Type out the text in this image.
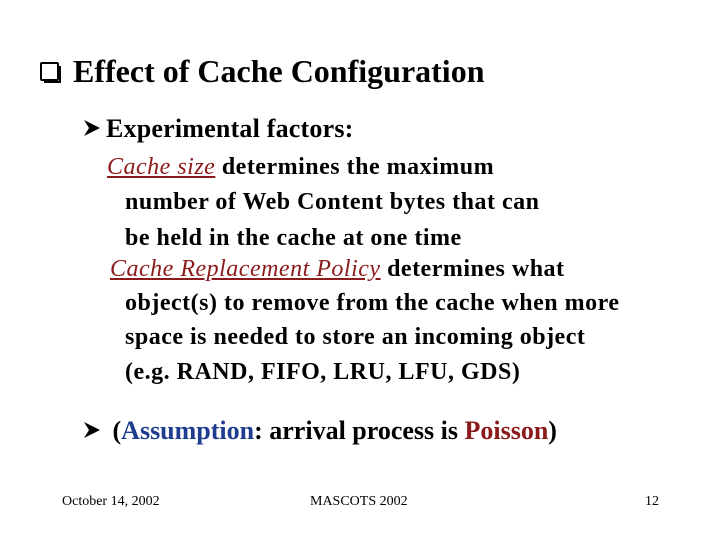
Effect of Cache Configuration
Experimental factors:
Cache size determines the maximum
number of Web Content bytes that can
be held in the cache at one time
Cache Replacement Policy determines what
object(s) to remove from the cache when more
space is needed to store an incoming object
(e.g. RAND, FIFO, LRU, LFU, GDS)
(Assumption: arrival process is Poisson)
October 14, 2002	MASCOTS 2002	12
